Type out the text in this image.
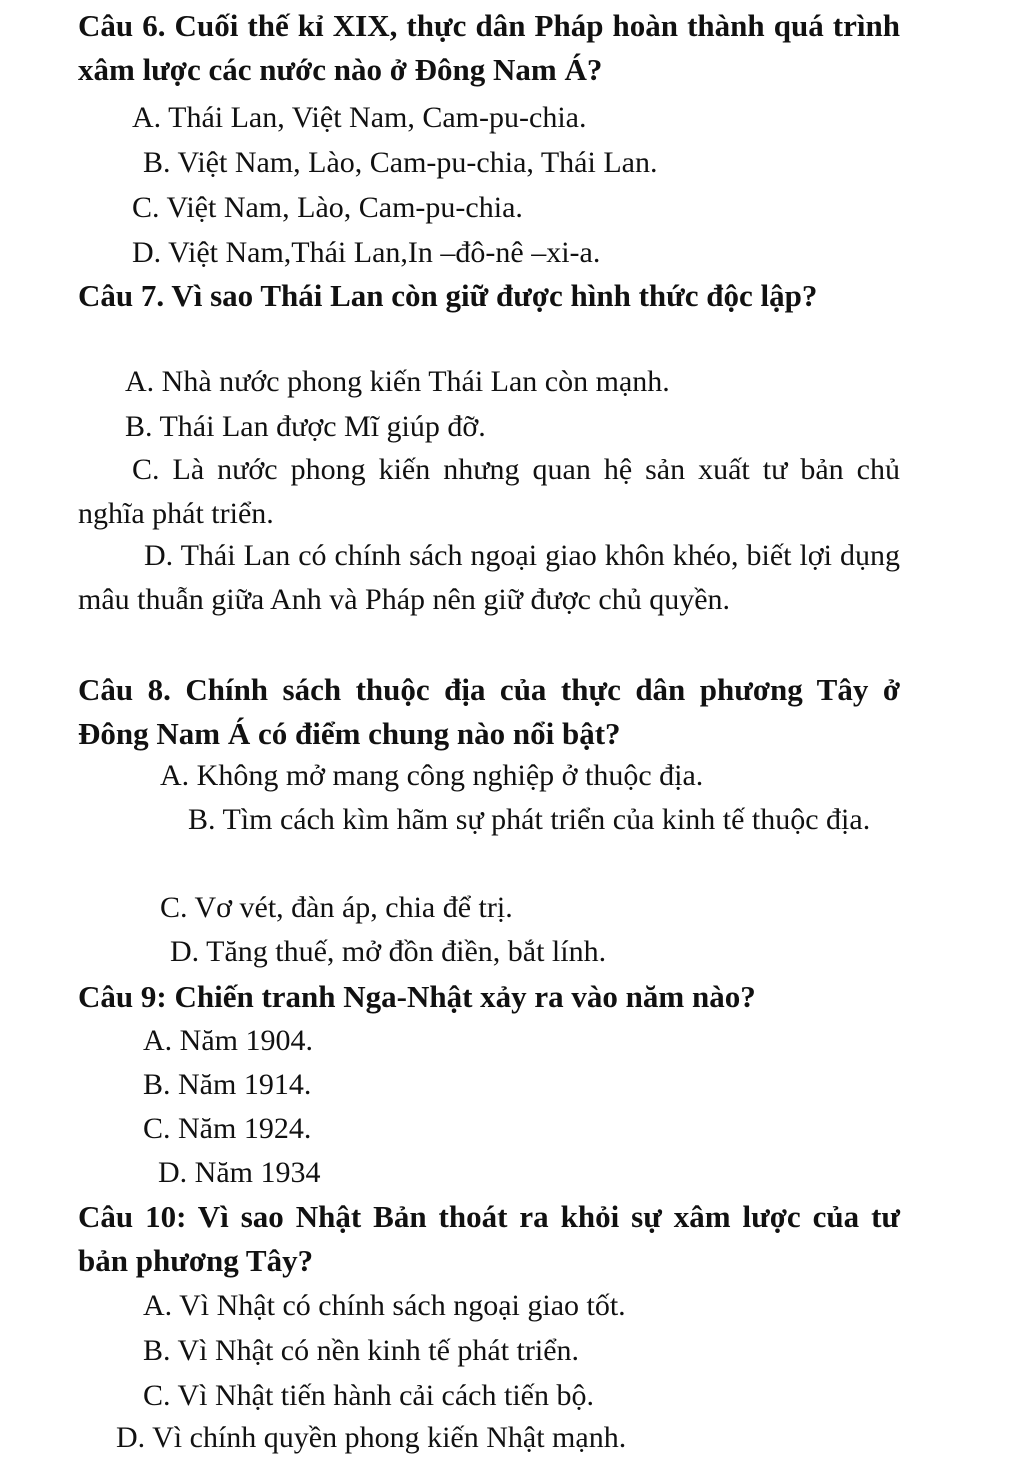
Câu 6. Cuối thế kỉ XIX, thực dân Pháp hoàn thành quá trình xâm lược các nước nào ở Đông Nam Á?
A. Thái Lan, Việt Nam, Cam-pu-chia.
B. Việt Nam, Lào, Cam-pu-chia, Thái Lan.
C. Việt Nam, Lào, Cam-pu-chia.
D. Việt Nam,Thái Lan,In –đô-nê –xi-a.
Câu 7. Vì sao Thái Lan còn giữ được hình thức độc lập?
A. Nhà nước phong kiến Thái Lan còn mạnh.
B. Thái Lan được Mĩ giúp đỡ.
C. Là nước phong kiến nhưng quan hệ sản xuất tư bản chủ nghĩa phát triển.
D. Thái Lan có chính sách ngoại giao khôn khéo, biết lợi dụng mâu thuẫn giữa Anh và Pháp nên giữ được chủ quyền.
Câu 8. Chính sách thuộc địa của thực dân phương Tây ở Đông Nam Á có điểm chung nào nổi bật?
A. Không mở mang công nghiệp ở thuộc địa.
B. Tìm cách kìm hãm sự phát triển của kinh tế thuộc địa.
C. Vơ vét, đàn áp, chia để trị.
D. Tăng thuế, mở đồn điền, bắt lính.
Câu 9: Chiến tranh Nga-Nhật xảy ra vào năm nào?
A. Năm 1904.
B. Năm 1914.
C. Năm 1924.
D. Năm 1934
Câu 10: Vì sao Nhật Bản thoát ra khỏi sự xâm lược của tư bản phương Tây?
A. Vì Nhật có chính sách ngoại giao tốt.
B. Vì Nhật có nền kinh tế phát triển.
C. Vì Nhật tiến hành cải cách tiến bộ.
D. Vì chính quyền phong kiến Nhật mạnh.
